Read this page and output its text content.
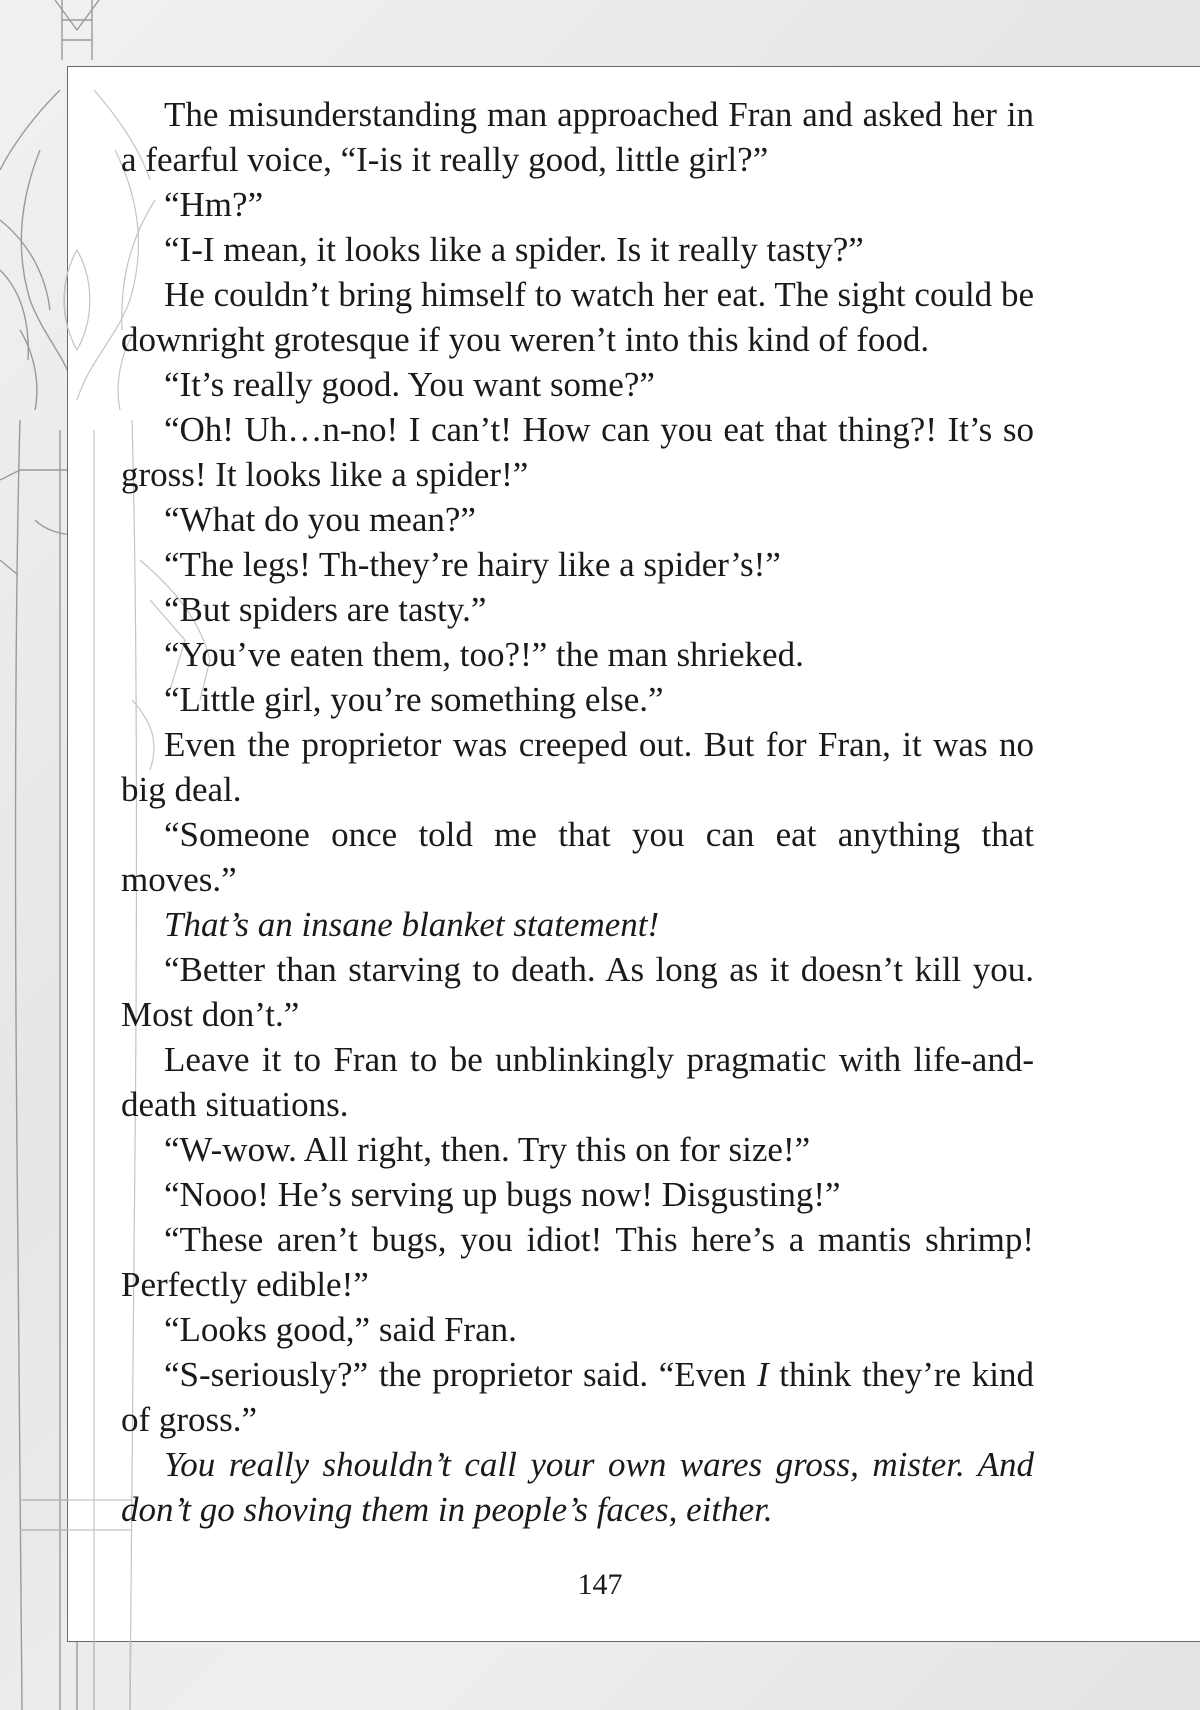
The misunderstanding man approached Fran and asked her in a fearful voice, “I-is it really good, little girl?”

“Hm?”

“I-I mean, it looks like a spider. Is it really tasty?”

He couldn’t bring himself to watch her eat. The sight could be downright grotesque if you weren’t into this kind of food.

“It’s really good. You want some?”

“Oh! Uh…n-no! I can’t! How can you eat that thing?! It’s so gross! It looks like a spider!”

“What do you mean?”

“The legs! Th-they’re hairy like a spider’s!”

“But spiders are tasty.”

“You’ve eaten them, too?!” the man shrieked.

“Little girl, you’re something else.”

Even the proprietor was creeped out. But for Fran, it was no big deal.

“Someone once told me that you can eat anything that moves.”

That’s an insane blanket statement!

“Better than starving to death. As long as it doesn’t kill you. Most don’t.”

Leave it to Fran to be unblinkingly pragmatic with life-and-death situations.

“W-wow. All right, then. Try this on for size!”

“Nooo! He’s serving up bugs now! Disgusting!”

“These aren’t bugs, you idiot! This here’s a mantis shrimp! Perfectly edible!”

“Looks good,” said Fran.

“S-seriously?” the proprietor said. “Even I think they’re kind of gross.”

You really shouldn’t call your own wares gross, mister. And don’t go shoving them in people’s faces, either.

147
